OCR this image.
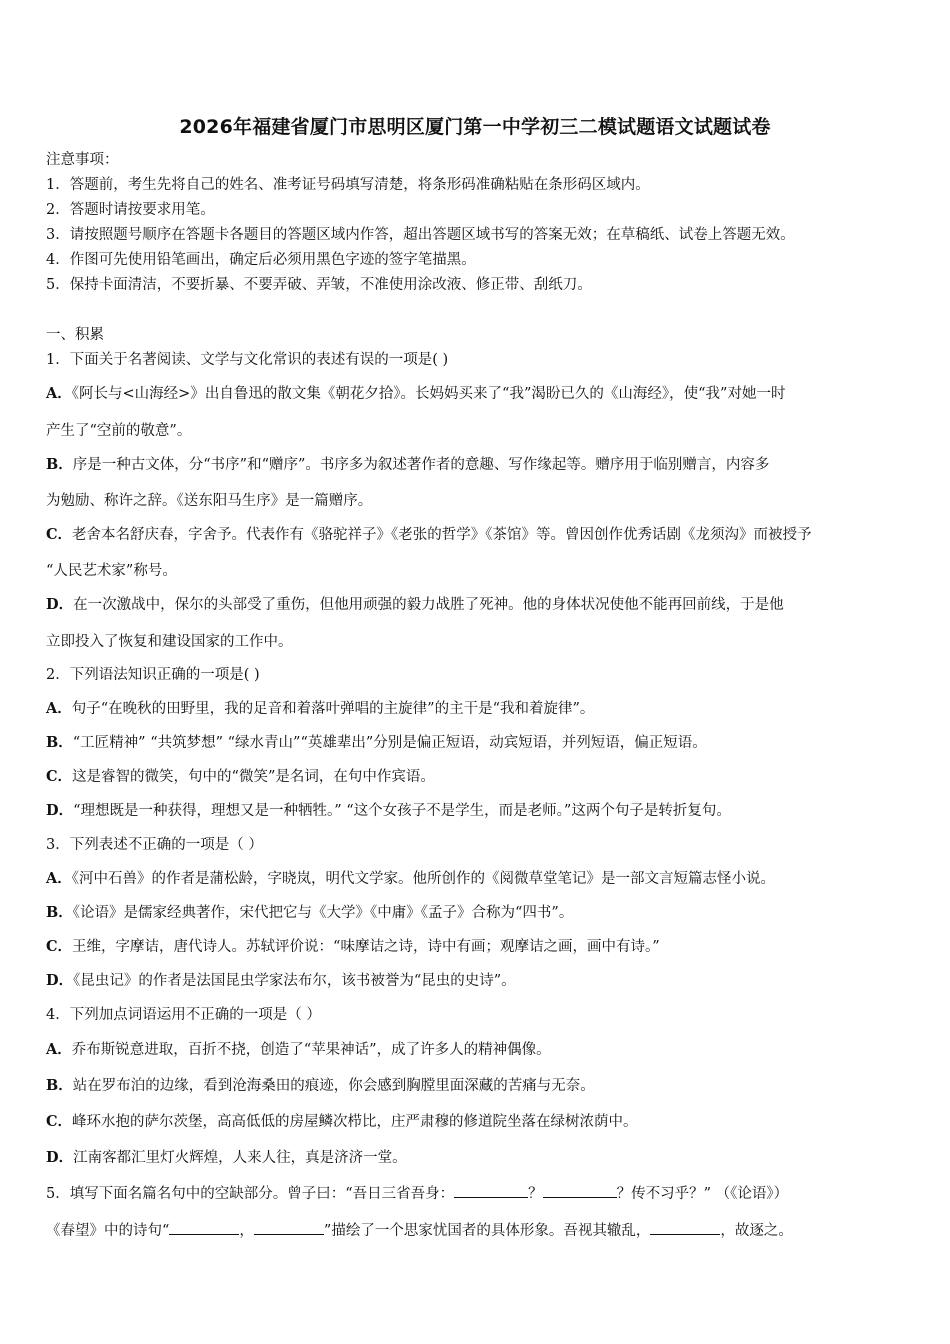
2026年福建省厦门市思明区厦门第一中学初三二模试题语文试题试卷
注意事项：
1．答题前，考生先将自己的姓名、准考证号码填写清楚，将条形码准确粘贴在条形码区域内。
2．答题时请按要求用笔。
3．请按照题号顺序在答题卡各题目的答题区域内作答，超出答题区域书写的答案无效；在草稿纸、试卷上答题无效。
4．作图可先使用铅笔画出，确定后必须用黑色字迹的签字笔描黑。
5．保持卡面清洁，不要折暴、不要弄破、弄皱，不准使用涂改液、修正带、刮纸刀。
一、积累
1．下面关于名著阅读、文学与文化常识的表述有误的一项是( )
A．《阿长与<山海经>》出自鲁迅的散文集《朝花夕拾》。长妈妈买来了“我”渴盼已久的《山海经》，使“我”对她一时
产生了“空前的敬意”。
B．序是一种古文体，分“书序”和“赠序”。书序多为叙述著作者的意趣、写作缘起等。赠序用于临别赠言，内容多
为勉励、称许之辞。《送东阳马生序》是一篇赠序。
C．老舍本名舒庆春，字舍予。代表作有《骆驼祥子》《老张的哲学》《茶馆》等。曾因创作优秀话剧《龙须沟》而被授予
“人民艺术家”称号。
D．在一次激战中，保尔的头部受了重伤，但他用顽强的毅力战胜了死神。他的身体状况使他不能再回前线，于是他
立即投入了恢复和建设国家的工作中。
2．下列语法知识正确的一项是( )
A．句子“在晚秋的田野里，我的足音和着落叶弹唱的主旋律”的主干是“我和着旋律”。
B．“工匠精神” “共筑梦想” “绿水青山”“英雄辈出”分别是偏正短语，动宾短语，并列短语，偏正短语。
C．这是睿智的微笑，句中的“微笑”是名词，在句中作宾语。
D．“理想既是一种获得，理想又是一种牺牲。” “这个女孩子不是学生，而是老师。”这两个句子是转折复句。
3．下列表述不正确的一项是（ ）
A．《河中石兽》的作者是蒲松龄，字晓岚，明代文学家。他所创作的《阅微草堂笔记》是一部文言短篇志怪小说。
B．《论语》是儒家经典著作，宋代把它与《大学》《中庸》《孟子》合称为“四书”。
C．王维，字摩诘，唐代诗人。苏轼评价说：“味摩诘之诗，诗中有画；观摩诘之画，画中有诗。”
D．《昆虫记》的作者是法国昆虫学家法布尔，该书被誉为“昆虫的史诗”。
4．下列加点词语运用不正确的一项是（ ）
A．乔布斯锐意进取，百折不挠，创造了“苹果神话”，成了许多人的精神偶像。
B．站在罗布泊的边缘，看到沧海桑田的痕迹，你会感到胸膛里面深藏的苦痛与无奈。
C．峰环水抱的萨尔茨堡，高高低低的房屋鳞次栉比，庄严肃穆的修道院坐落在绿树浓荫中。
D．江南客都汇里灯火辉煌，人来人往，真是济济一堂。
5．填写下面名篇名句中的空缺部分。曾子曰：“吾日三省吾身：	？	？传不习乎？” （《论语》）
《春望》中的诗句“	，	”描绘了一个思家忧国者的具体形象。吾视其辙乱，	，故逐之。
